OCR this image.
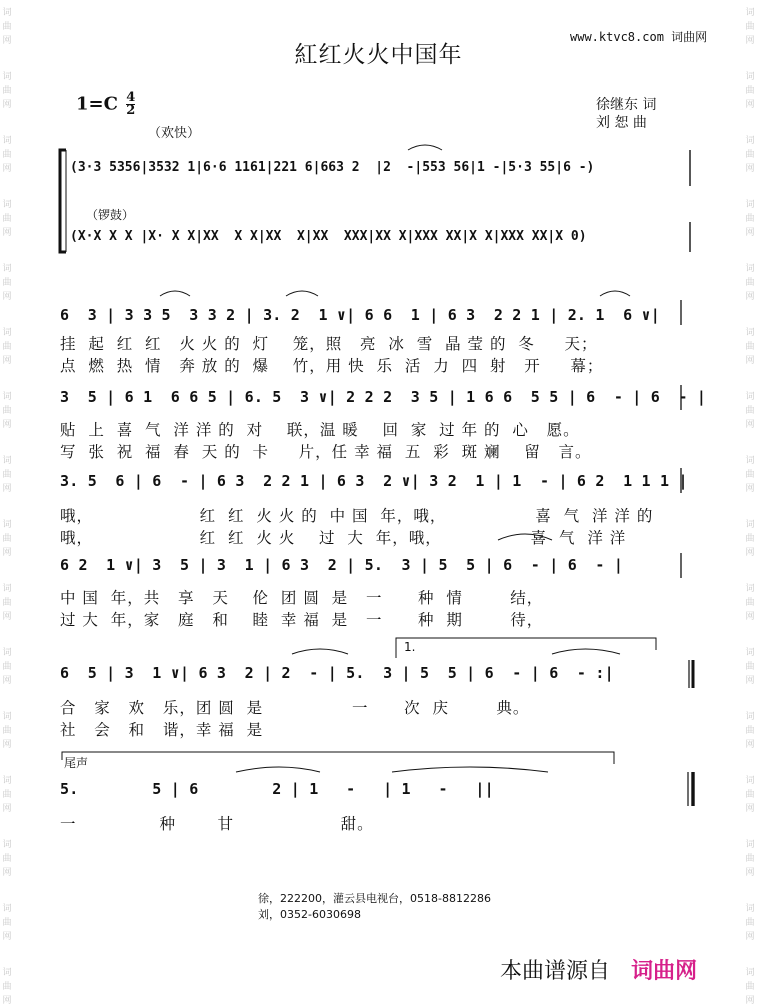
词
曲
网
词
曲
网
词
曲
网
词
曲
网
词
曲
网
词
曲
网
词
曲
网
词
曲
网
词
曲
网
词
曲
网
词
曲
网
词
曲
网
词
曲
网
词
曲
网
词
曲
网
词
曲
网
词
曲
网
词
曲
网
词
曲
网
词
曲
网
词
曲
网
词
曲
网
词
曲
网
词
曲
网
词
曲
网
词
曲
网
词
曲
网
词
曲
网
词
曲
网
词
曲
网
词
曲
网
词
曲
网
www.ktvc8.com 词曲网
紅红火火中国年
$1=C \frac{4}{2}$
（欢快）
徐继东 词
刘 恕 曲
(3·3 5356|3532 1|6·6 1161|221 6|663 2  |2  -|553 56|1 -|5·3 55|6 -)
（锣鼓）
(X·X X X |X· X X|XX  X X|XX  X|XX  XXX|XX X|XXX XX|X X|XXX XX|X 0)
6  3 | 3 3 5  3 3 2 | 3. 2  1 ∨| 6 6  1 | 6 3  2 2 1 | 2. 1  6 ∨|
挂  起  红  红   火 火 的  灯    笼，照   亮  冰  雪  晶 莹 的  冬     天；
点  燃  热  情   奔 放 的  爆    竹，用 快  乐  活  力  四  射   开     幕；
3  5 | 6 1  6 6 5 | 6. 5  3 ∨| 2 2 2  3 5 | 1 6 6  5 5 | 6  - | 6  - |
贴  上  喜  气  洋 洋 的  对    联，温 暖    回  家  过 年 的  心   愿。
写  张  祝  福  春  天 的  卡     片，任 幸 福  五  彩  斑 斓    留   言。
3. 5  6 | 6  - | 6 3  2 2 1 | 6 3  2 ∨| 3 2  1 | 1  - | 6 2  1 1 1 |
哦，                  红  红  火 火 的  中 国  年，哦，               喜  气  洋 洋 的
哦，                  红  红  火 火    过  大  年，哦，               喜  气  洋 洋
6 2  1 ∨| 3  5 | 3  1 | 6 3  2 | 5.  3 | 5  5 | 6  - | 6  - |
中 国  年，共   享   天    伦  团 圆  是   一      种  情        结，
过 大  年，家   庭   和    睦  幸 福  是   一      种  期        待，
1.
6  5 | 3  1 ∨| 6 3  2 | 2  - | 5.  3 | 5  5 | 6  - | 6  - :|
合   家   欢   乐，团 圆  是               一      次  庆        典。
社   会   和   谐，幸 福  是
尾声
5.        5 | 6        2 | 1   -   | 1   -   ||
一              种       甘                  甜。
徐，222200，灌云县电视台，0518-8812286
刘，0352-6030698
本曲谱源自 词曲网
